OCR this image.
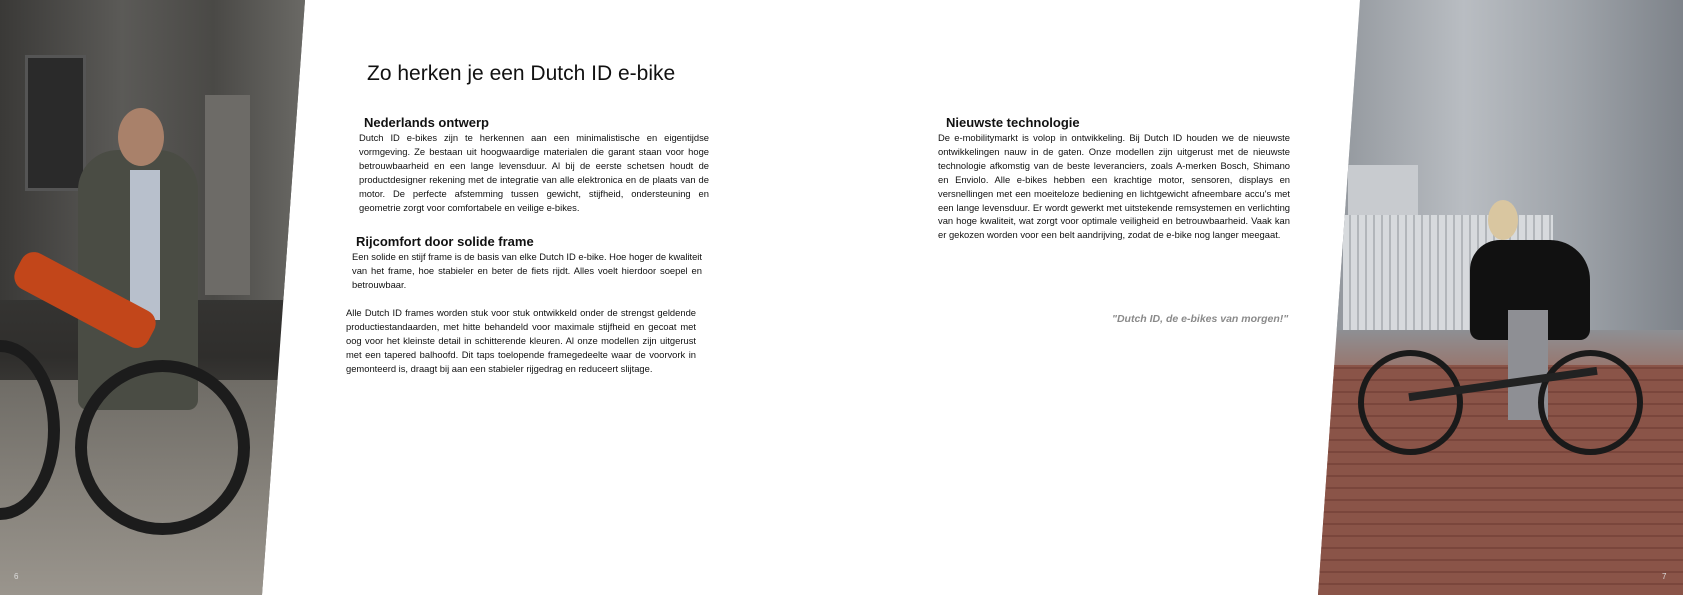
Zo herken je een Dutch ID e-bike
Nederlands ontwerp

Dutch ID e-bikes zijn te herkennen aan een minimalistische en eigentijdse vormgeving. Ze bestaan uit hoogwaardige materialen die garant staan voor hoge betrouwbaarheid en een lange levensduur. Al bij de eerste schetsen houdt de productdesigner rekening met de integratie van alle elektronica en de plaats van de motor. De perfecte afstemming tussen gewicht, stijfheid, ondersteuning en geometrie zorgt voor comfortabele en veilige e-bikes.

Rijcomfort door solide frame

Een solide en stijf frame is de basis van elke Dutch ID e-bike. Hoe hoger de kwaliteit van het frame, hoe stabieler en beter de fiets rijdt. Alles voelt hierdoor soepel en betrouwbaar.

Alle Dutch ID frames worden stuk voor stuk ontwikkeld onder de strengst geldende productiestandaarden, met hitte behandeld voor maximale stijfheid en gecoat met oog voor het kleinste detail in schitterende kleuren. Al onze modellen zijn uitgerust met een tapered balhoofd. Dit taps toelopende framegedeelte waar de voorvork in gemonteerd is, draagt bij aan een stabieler rijgedrag en reduceert slijtage.

Nieuwste technologie

De e-mobilitymarkt is volop in ontwikkeling. Bij Dutch ID houden we de nieuwste ontwikkelingen nauw in de gaten. Onze modellen zijn uitgerust met de nieuwste technologie afkomstig van de beste leveranciers, zoals A-merken Bosch, Shimano en Enviolo. Alle e-bikes hebben een krachtige motor, sensoren, displays en versnellingen met een moeiteloze bediening en lichtgewicht afneembare accu's met een lange levensduur. Er wordt gewerkt met uitstekende remsystemen en verlichting van hoge kwaliteit, wat zorgt voor optimale veiligheid en betrouwbaarheid. Vaak kan er gekozen worden voor een belt aandrijving, zodat de e-bike nog langer meegaat.

"Dutch ID, de e-bikes van morgen!"

6	7
